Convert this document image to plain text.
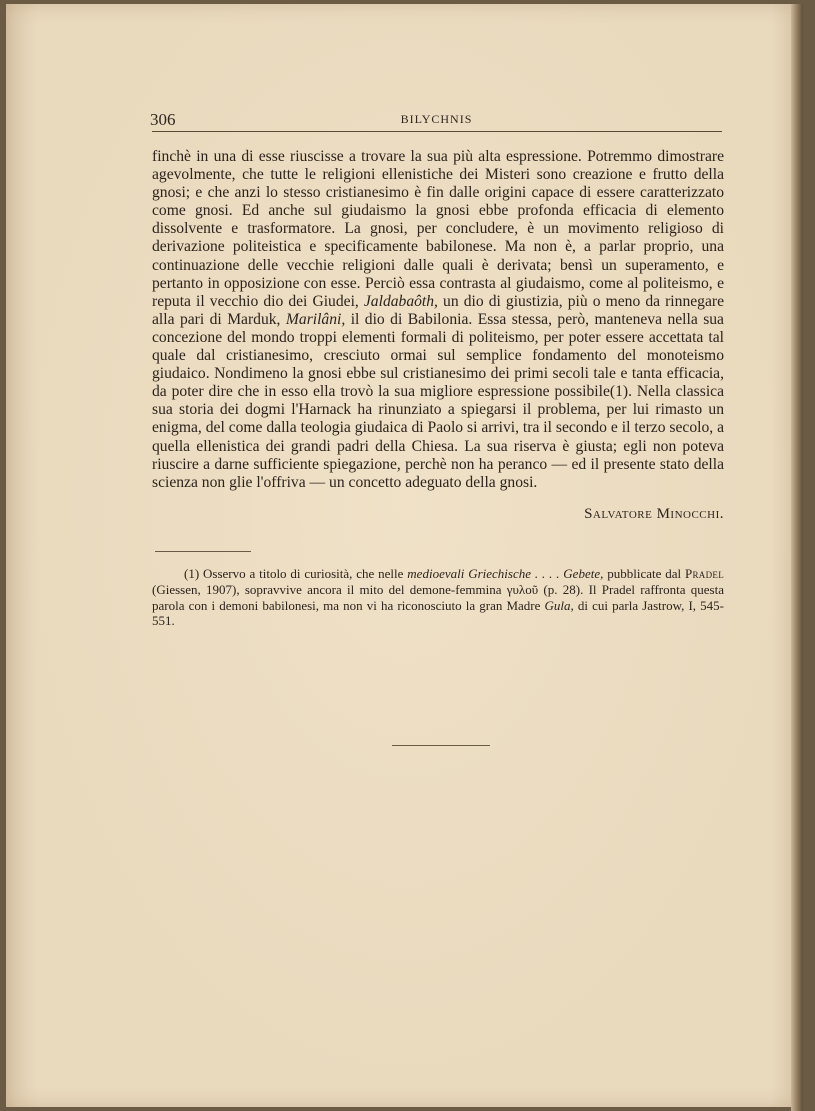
306	BILYCHNIS

finchè in una di esse riuscisse a trovare la sua più alta espressione. Potremmo dimostrare agevolmente, che tutte le religioni ellenistiche dei Misteri sono creazione e frutto della gnosi; e che anzi lo stesso cristianesimo è fin dalle origini capace di essere caratterizzato come gnosi. Ed anche sul giudaismo la gnosi ebbe profonda efficacia di elemento dissolvente e trasformatore. La gnosi, per concludere, è un movimento religioso di derivazione politeistica e specificamente babilonese. Ma non è, a parlar proprio, una continuazione delle vecchie religioni dalle quali è derivata; bensì un superamento, e pertanto in opposizione con esse. Perciò essa contrasta al giudaismo, come al politeismo, e reputa il vecchio dio dei Giudei, Jaldabaôth, un dio di giustizia, più o meno da rinnegare alla pari di Marduk, Marilâni, il dio di Babilonia. Essa stessa, però, manteneva nella sua concezione del mondo troppi elementi formali di politeismo, per poter essere accettata tal quale dal cristianesimo, cresciuto ormai sul semplice fondamento del monoteismo giudaico. Nondimeno la gnosi ebbe sul cristianesimo dei primi secoli tale e tanta efficacia, da poter dire che in esso ella trovò la sua migliore espressione possibile(1). Nella classica sua storia dei dogmi l'Harnack ha rinunziato a spiegarsi il problema, per lui rimasto un enigma, del come dalla teologia giudaica di Paolo si arrivi, tra il secondo e il terzo secolo, a quella ellenistica dei grandi padri della Chiesa. La sua riserva è giusta; egli non poteva riuscire a darne sufficiente spiegazione, perchè non ha peranco — ed il presente stato della scienza non glie l'offriva — un concetto adeguato della gnosi.

Salvatore Minocchi.

(1) Osservo a titolo di curiosità, che nelle medioevali Griechische . . . . Gebete, pubblicate dal Pradel (Giessen, 1907), sopravvive ancora il mito del demone-femmina γυλοῦ (p. 28). Il Pradel raffronta questa parola con i demoni babilonesi, ma non vi ha riconosciuto la gran Madre Gula, di cui parla Jastrow, I, 545-551.
